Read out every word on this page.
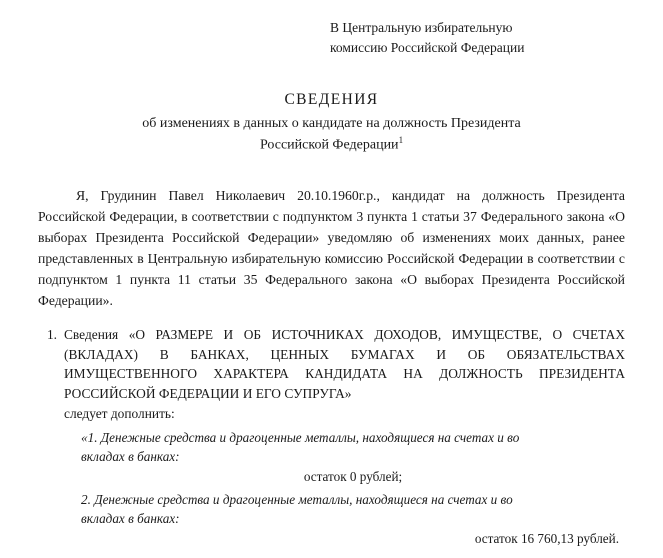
В Центральную избирательную
комиссию Российской Федерации
СВЕДЕНИЯ
об изменениях в данных о кандидате на должность Президента
Российской Федерации$^1$
Я, Грудинин Павел Николаевич 20.10.1960г.р., кандидат на должность Президента Российской Федерации, в соответствии с подпунктом 3 пункта 1 статьи 37 Федерального закона «О выборах Президента Российской Федерации» уведомляю об изменениях моих данных, ранее представленных в Центральную избирательную комиссию Российской Федерации в соответствии с подпунктом 1 пункта 11 статьи 35 Федерального закона «О выборах Президента Российской Федерации».
1. Сведения «О РАЗМЕРЕ И ОБ ИСТОЧНИКАХ ДОХОДОВ, ИМУЩЕСТВЕ, О СЧЕТАХ (ВКЛАДАХ) В БАНКАХ, ЦЕННЫХ БУМАГАХ И ОБ ОБЯЗАТЕЛЬСТВАХ ИМУЩЕСТВЕННОГО ХАРАКТЕРА КАНДИДАТА НА ДОЛЖНОСТЬ ПРЕЗИДЕНТА РОССИЙСКОЙ ФЕДЕРАЦИИ И ЕГО СУПРУГА»
следует дополнить:
«1. Денежные средства и драгоценные металлы, находящиеся на счетах и во
вкладах в банках:
остаток 0 рублей;
2. Денежные средства и драгоценные металлы, находящиеся на счетах и во
вкладах в банках:
остаток 16 760,13 рублей.
